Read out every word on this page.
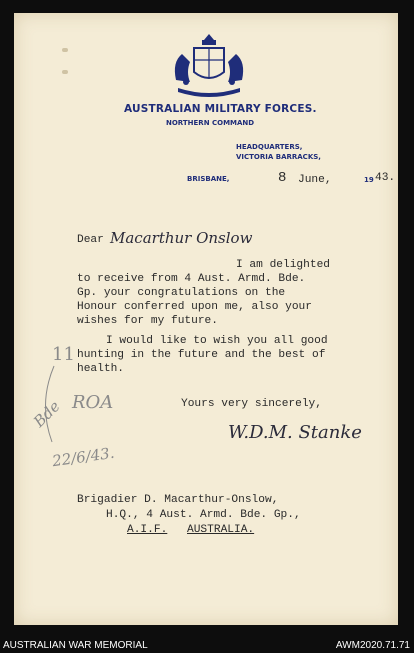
AUSTRALIAN MILITARY FORCES.
NORTHERN COMMAND
HEADQUARTERS,
VICTORIA BARRACKS,
BRISBANE,	8 June,	19 43.
Dear Macarthur Onslow
I am delighted
to receive from 4 Aust. Armd. Bde.
Gp. your congratulations on the
Honour conferred upon me, also your
wishes for my future.
I would like to wish you all good
hunting in the future and the best of
health.
Yours very sincerely,
W.D.M. Stanke
11
ROA
Bde
22/6/43.
Brigadier D. Macarthur-Onslow,
H.Q., 4 Aust. Armd. Bde. Gp.,
A.I.F. AUSTRALIA.
AUSTRALIAN WAR MEMORIAL	AWM2020.71.71
